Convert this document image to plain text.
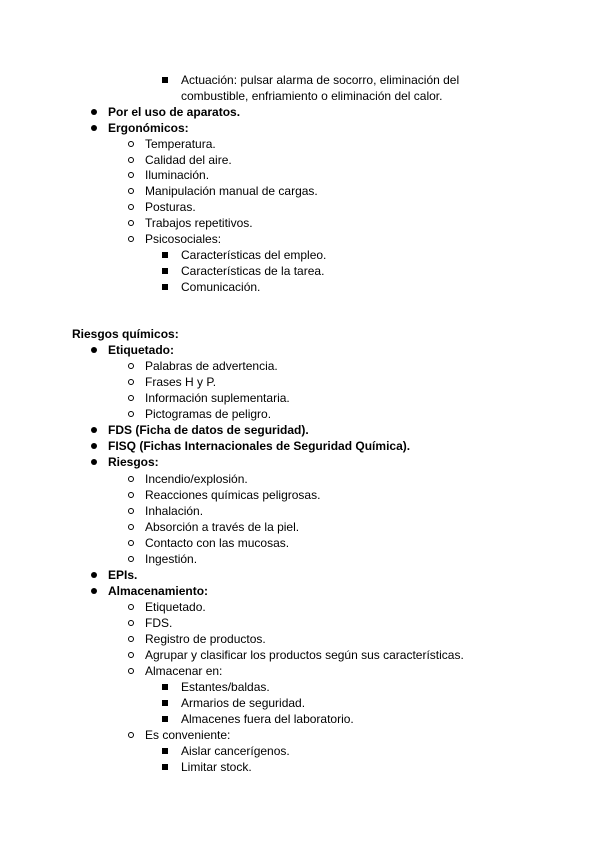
Actuación: pulsar alarma de socorro, eliminación del
combustible, enfriamiento o eliminación del calor.
Por el uso de aparatos.
Ergonómicos:
Temperatura.
Calidad del aire.
Iluminación.
Manipulación manual de cargas.
Posturas.
Trabajos repetitivos.
Psicosociales:
Características del empleo.
Características de la tarea.
Comunicación.
Riesgos químicos:
Etiquetado:
Palabras de advertencia.
Frases H y P.
Información suplementaria.
Pictogramas de peligro.
FDS (Ficha de datos de seguridad).
FISQ (Fichas Internacionales de Seguridad Química).
Riesgos:
Incendio/explosión.
Reacciones químicas peligrosas.
Inhalación.
Absorción a través de la piel.
Contacto con las mucosas.
Ingestión.
EPIs.
Almacenamiento:
Etiquetado.
FDS.
Registro de productos.
Agrupar y clasificar los productos según sus características.
Almacenar en:
Estantes/baldas.
Armarios de seguridad.
Almacenes fuera del laboratorio.
Es conveniente:
Aislar cancerígenos.
Limitar stock.
